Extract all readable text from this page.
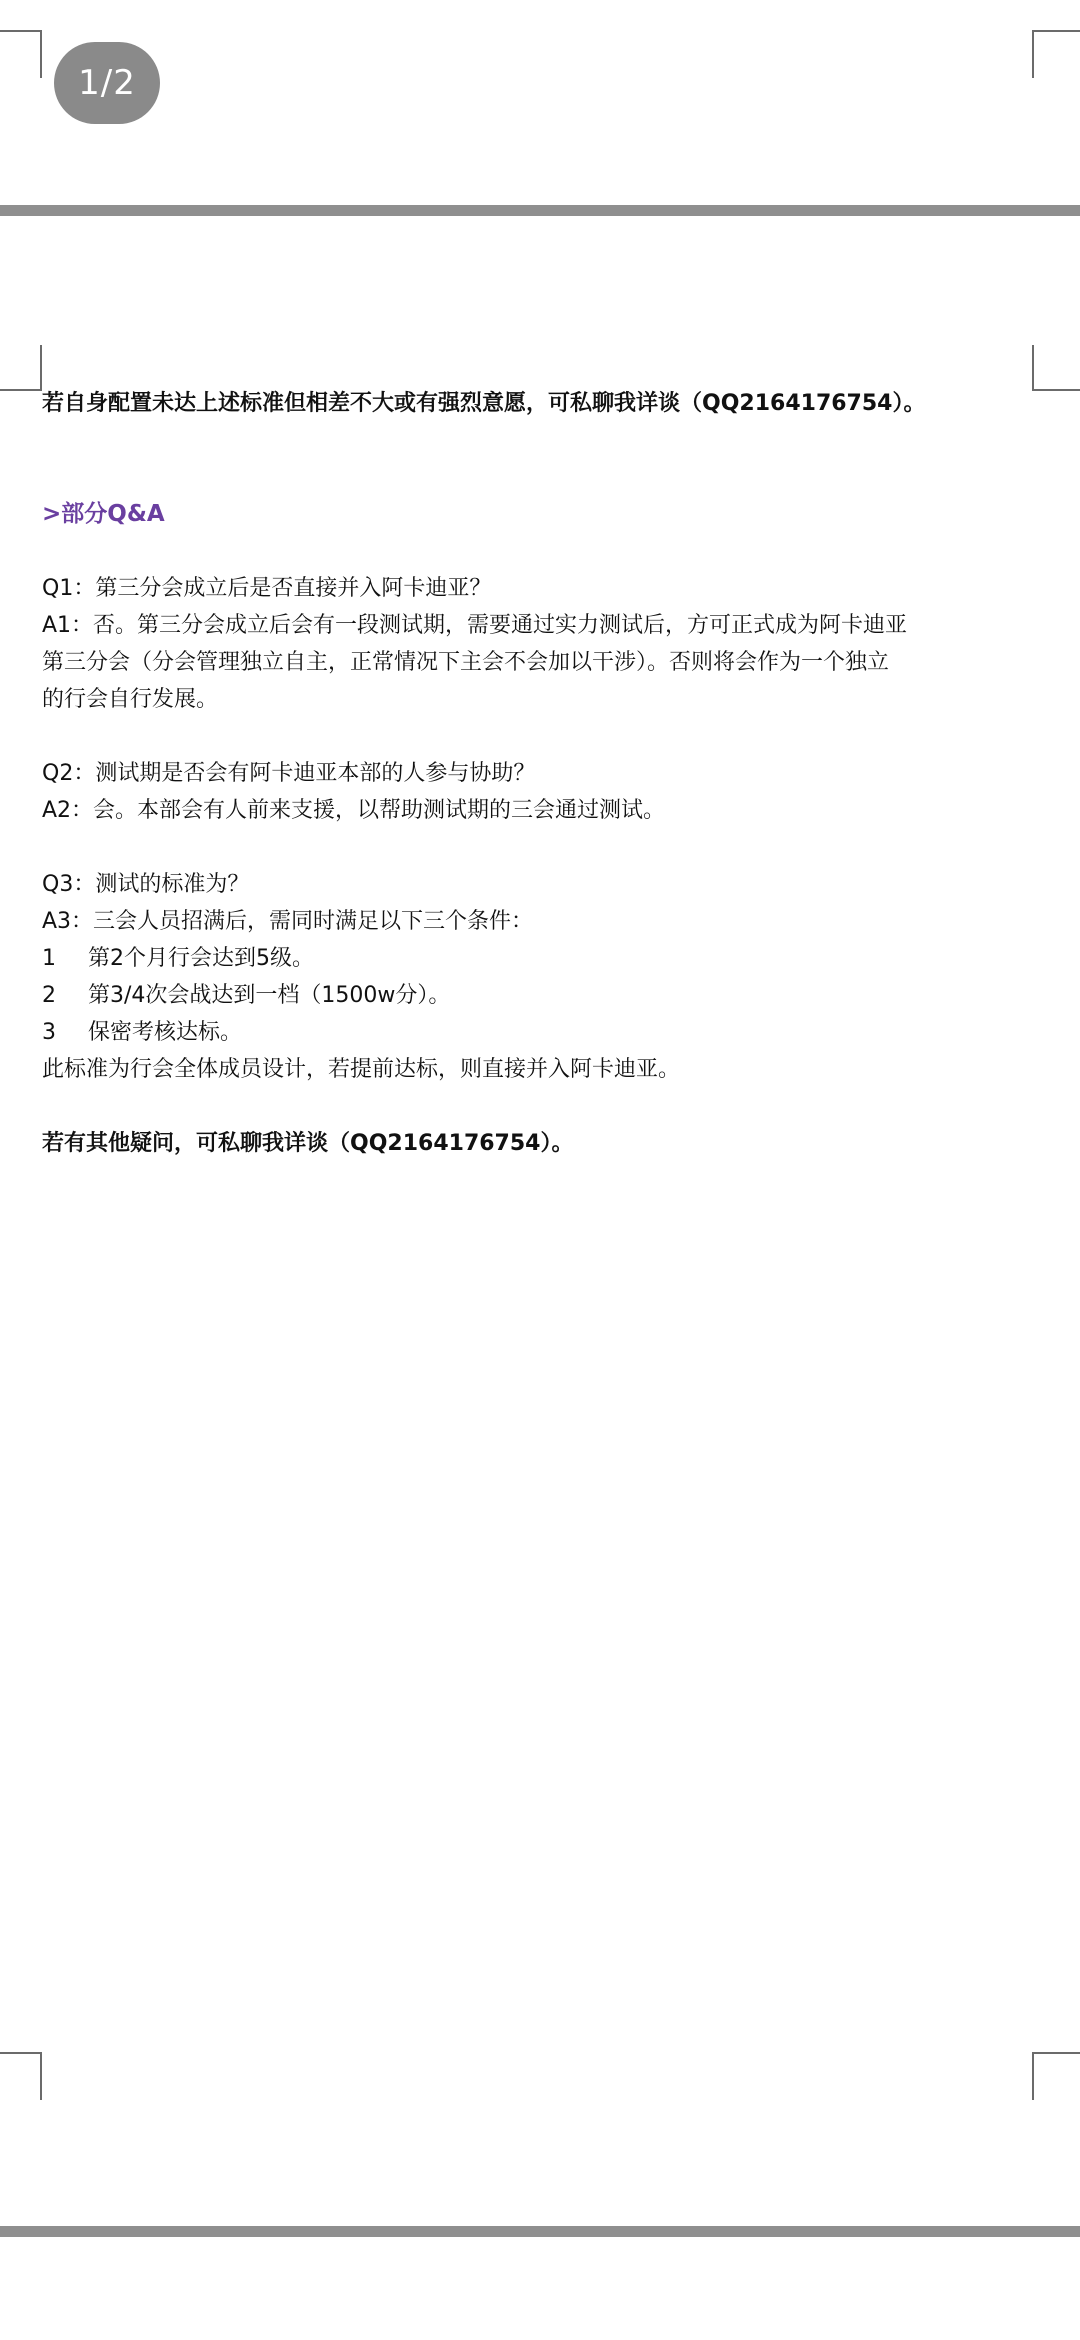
1/2
若自身配置未达上述标准但相差不大或有强烈意愿，可私聊我详谈（QQ2164176754）。
>部分Q&A
Q1：第三分会成立后是否直接并入阿卡迪亚？
A1：否。第三分会成立后会有一段测试期，需要通过实力测试后，方可正式成为阿卡迪亚
第三分会（分会管理独立自主，正常情况下主会不会加以干涉）。否则将会作为一个独立
的行会自行发展。
Q2：测试期是否会有阿卡迪亚本部的人参与协助？
A2：会。本部会有人前来支援，以帮助测试期的三会通过测试。
Q3：测试的标准为？
A3：三会人员招满后，需同时满足以下三个条件：
1	第2个月行会达到5级。
2	第3/4次会战达到一档（1500w分）。
3	保密考核达标。
此标准为行会全体成员设计，若提前达标，则直接并入阿卡迪亚。
若有其他疑问，可私聊我详谈（QQ2164176754）。
